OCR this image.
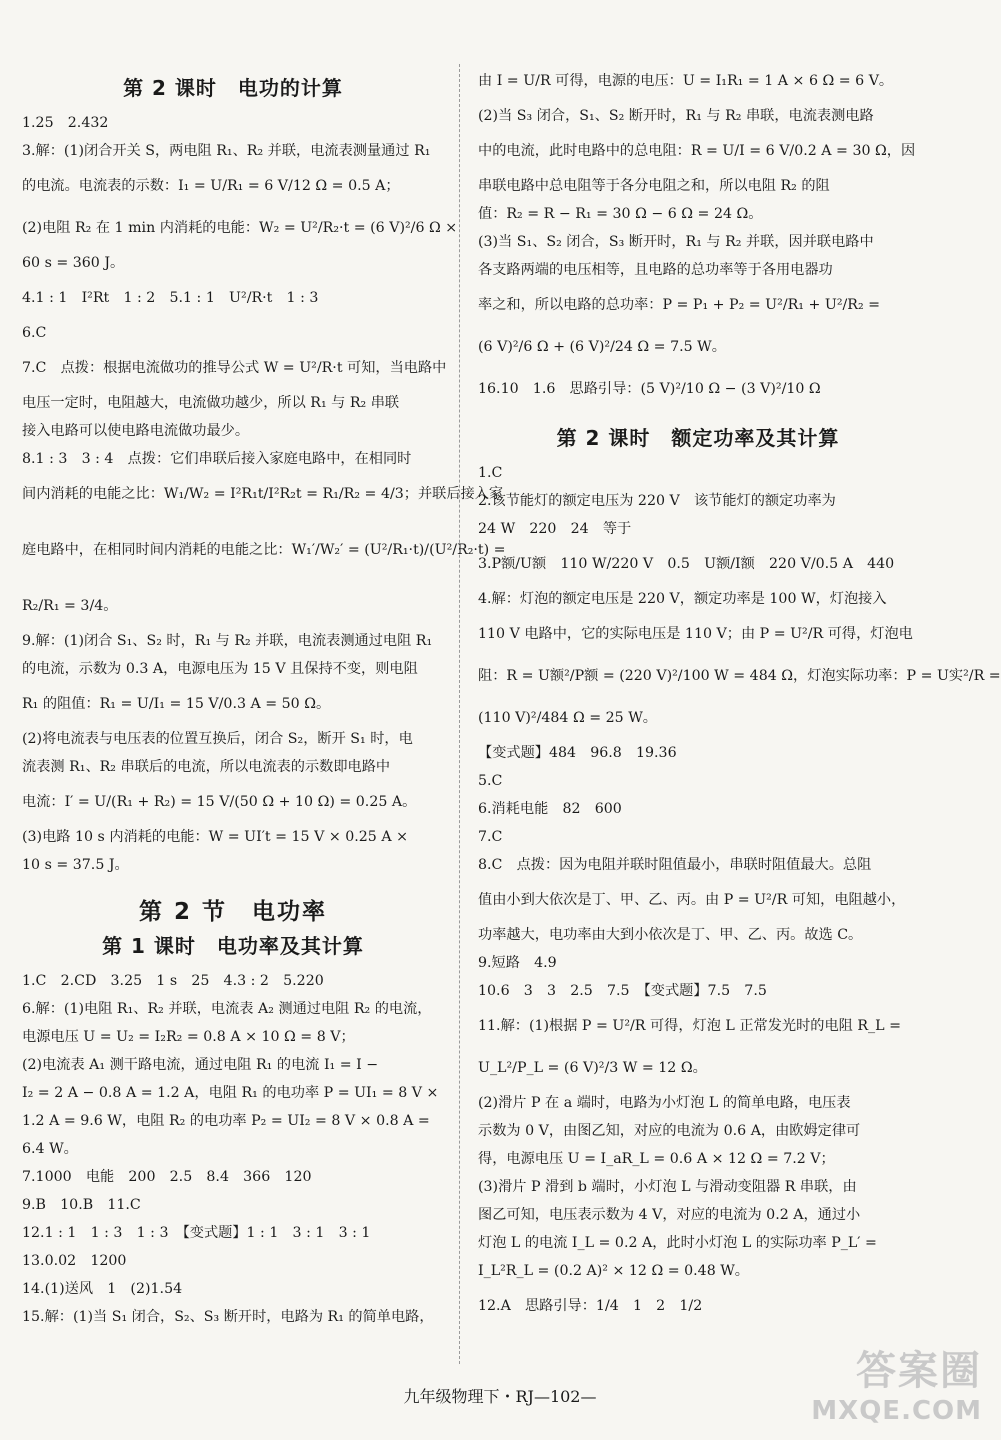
第 2 课时　电功的计算
1.25　2.432
3.解：(1)闭合开关 S，两电阻 R₁、R₂ 并联，电流表测量通过 R₁
的电流。电流表的示数：I₁ = U/R₁ = 6 V/12 Ω = 0.5 A；
(2)电阻 R₂ 在 1 min 内消耗的电能：W₂ = U²/R₂·t = (6 V)²/6 Ω ×
60 s = 360 J。
4.1 : 1　I²Rt　1 : 2　5.1 : 1　U²/R·t　1 : 3
6.C
7.C　点拨：根据电流做功的推导公式 W = U²/R·t 可知，当电路中
电压一定时，电阻越大，电流做功越少，所以 R₁ 与 R₂ 串联
接入电路可以使电路电流做功最少。
8.1 : 3　3 : 4　点拨：它们串联后接入家庭电路中，在相同时
间内消耗的电能之比：W₁/W₂ = I²R₁t/I²R₂t = R₁/R₂ = 4/3；并联后接入家
庭电路中，在相同时间内消耗的电能之比：W₁′/W₂′ = (U²/R₁·t)/(U²/R₂·t) =
R₂/R₁ = 3/4。
9.解：(1)闭合 S₁、S₂ 时，R₁ 与 R₂ 并联，电流表测通过电阻 R₁
的电流，示数为 0.3 A，电源电压为 15 V 且保持不变，则电阻
R₁ 的阻值：R₁ = U/I₁ = 15 V/0.3 A = 50 Ω。
(2)将电流表与电压表的位置互换后，闭合 S₂，断开 S₁ 时，电
流表测 R₁、R₂ 串联后的电流，所以电流表的示数即电路中
电流：I′ = U/(R₁ + R₂) = 15 V/(50 Ω + 10 Ω) = 0.25 A。
(3)电路 10 s 内消耗的电能：W = UI′t = 15 V × 0.25 A ×
10 s = 37.5 J。
第 2 节　电功率
第 1 课时　电功率及其计算
1.C　2.CD　3.25　1 s　25　4.3 : 2　5.220
6.解：(1)电阻 R₁、R₂ 并联，电流表 A₂ 测通过电阻 R₂ 的电流，
电源电压 U = U₂ = I₂R₂ = 0.8 A × 10 Ω = 8 V；
(2)电流表 A₁ 测干路电流，通过电阻 R₁ 的电流 I₁ = I −
I₂ = 2 A − 0.8 A = 1.2 A，电阻 R₁ 的电功率 P = UI₁ = 8 V ×
1.2 A = 9.6 W，电阻 R₂ 的电功率 P₂ = UI₂ = 8 V × 0.8 A =
6.4 W。
7.1000　电能　200　2.5　8.4　366　120
9.B　10.B　11.C
12.1 : 1　1 : 3　1 : 3　【变式题】1 : 1　3 : 1　3 : 1
13.0.02　1200
14.(1)送风　1　(2)1.54
15.解：(1)当 S₁ 闭合，S₂、S₃ 断开时，电路为 R₁ 的简单电路，
由 I = U/R 可得，电源的电压：U = I₁R₁ = 1 A × 6 Ω = 6 V。
(2)当 S₃ 闭合，S₁、S₂ 断开时，R₁ 与 R₂ 串联，电流表测电路
中的电流，此时电路中的总电阻：R = U/I = 6 V/0.2 A = 30 Ω，因
串联电路中总电阻等于各分电阻之和，所以电阻 R₂ 的阻
值：R₂ = R − R₁ = 30 Ω − 6 Ω = 24 Ω。
(3)当 S₁、S₂ 闭合，S₃ 断开时，R₁ 与 R₂ 并联，因并联电路中
各支路两端的电压相等，且电路的总功率等于各用电器功
率之和，所以电路的总功率：P = P₁ + P₂ = U²/R₁ + U²/R₂ =
(6 V)²/6 Ω + (6 V)²/24 Ω = 7.5 W。
16.10　1.6　思路引导：(5 V)²/10 Ω − (3 V)²/10 Ω
第 2 课时　额定功率及其计算
1.C
2.该节能灯的额定电压为 220 V　该节能灯的额定功率为
24 W　220　24　等于
3.P额/U额　110 W/220 V　0.5　U额/I额　220 V/0.5 A　440
4.解：灯泡的额定电压是 220 V，额定功率是 100 W，灯泡接入
110 V 电路中，它的实际电压是 110 V；由 P = U²/R 可得，灯泡电
阻：R = U额²/P额 = (220 V)²/100 W = 484 Ω，灯泡实际功率：P = U实²/R =
(110 V)²/484 Ω = 25 W。
【变式题】484　96.8　19.36
5.C
6.消耗电能　82　600
7.C
8.C　点拨：因为电阻并联时阻值最小，串联时阻值最大。总阻
值由小到大依次是丁、甲、乙、丙。由 P = U²/R 可知，电阻越小，
功率越大，电功率由大到小依次是丁、甲、乙、丙。故选 C。
9.短路　4.9
10.6　3　3　2.5　7.5　【变式题】7.5　7.5
11.解：(1)根据 P = U²/R 可得，灯泡 L 正常发光时的电阻 R_L =
U_L²/P_L = (6 V)²/3 W = 12 Ω。
(2)滑片 P 在 a 端时，电路为小灯泡 L 的简单电路，电压表
示数为 0 V，由图乙知，对应的电流为 0.6 A，由欧姆定律可
得，电源电压 U = I_aR_L = 0.6 A × 12 Ω = 7.2 V；
(3)滑片 P 滑到 b 端时，小灯泡 L 与滑动变阻器 R 串联，由
图乙可知，电压表示数为 4 V，对应的电流为 0.2 A，通过小
灯泡 L 的电流 I_L = 0.2 A，此时小灯泡 L 的实际功率 P_L′ =
I_L²R_L = (0.2 A)² × 12 Ω = 0.48 W。
12.A　思路引导：1/4　1　2　1/2
九年级物理下・RJ—102—
答案圈
MXQE.COM
